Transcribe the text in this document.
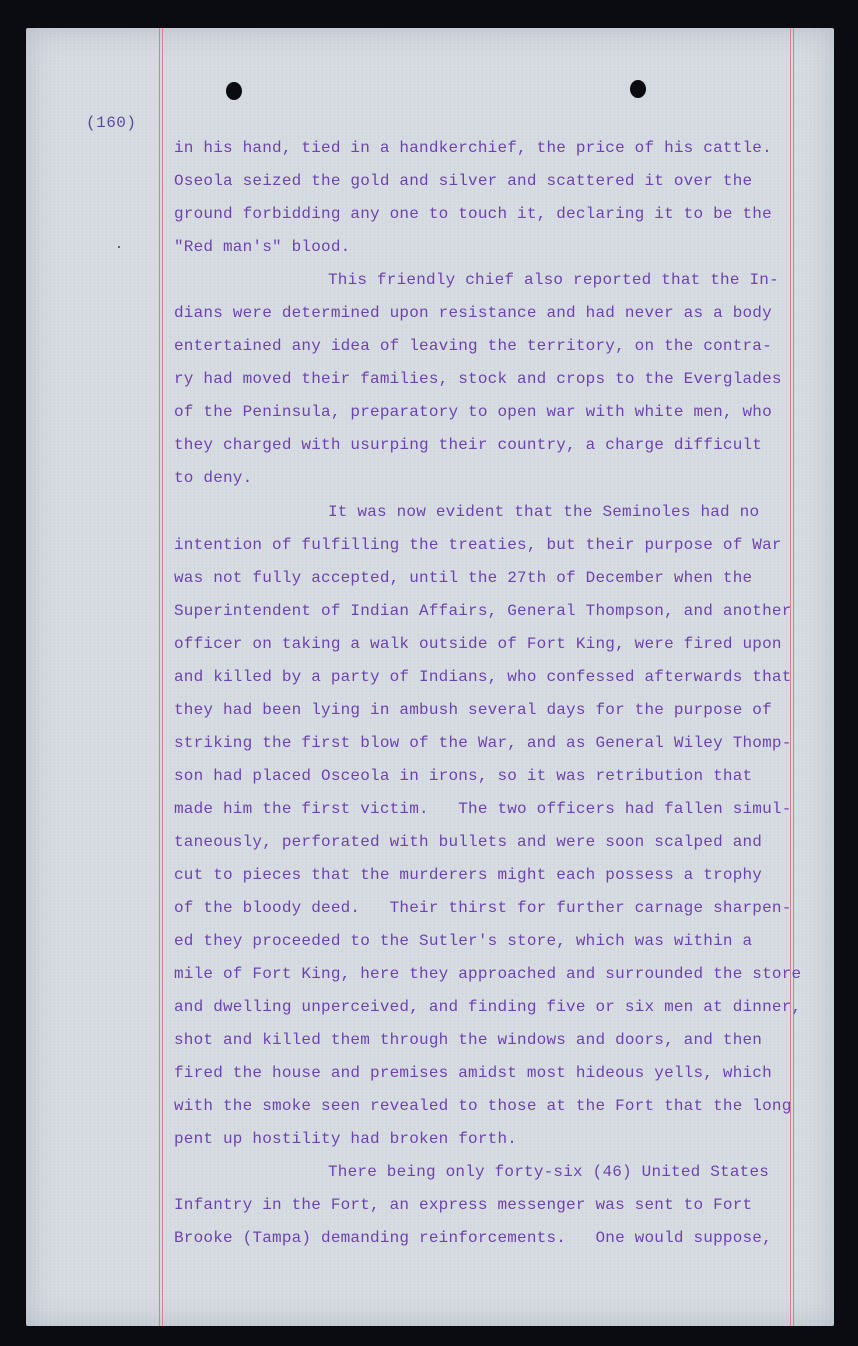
(160)

in his hand, tied in a handkerchief, the price of his cattle.

Oseola seized the gold and silver and scattered it over the

ground forbidding any one to touch it, declaring it to be the

"Red man's" blood.

This friendly chief also reported that the In-

dians were determined upon resistance and had never as a body

entertained any idea of leaving the territory, on the contra-

ry had moved their families, stock and crops to the Everglades

of the Peninsula, preparatory to open war with white men, who

they charged with usurping their country, a charge difficult

to deny.

It was now evident that the Seminoles had no

intention of fulfilling the treaties, but their purpose of War

was not fully accepted, until the 27th of December when the

Superintendent of Indian Affairs, General Thompson, and another

officer on taking a walk outside of Fort King, were fired upon

and killed by a party of Indians, who confessed afterwards that

they had been lying in ambush several days for the purpose of

striking the first blow of the War, and as General Wiley Thomp-

son had placed Osceola in irons, so it was retribution that

made him the first victim.   The two officers had fallen simul-

taneously, perforated with bullets and were soon scalped and

cut to pieces that the murderers might each possess a trophy

of the bloody deed.   Their thirst for further carnage sharpen-

ed they proceeded to the Sutler's store, which was within a

mile of Fort King, here they approached and surrounded the store

and dwelling unperceived, and finding five or six men at dinner,

shot and killed them through the windows and doors, and then

fired the house and premises amidst most hideous yells, which

with the smoke seen revealed to those at the Fort that the long

pent up hostility had broken forth.

There being only forty-six (46) United States

Infantry in the Fort, an express messenger was sent to Fort

Brooke (Tampa) demanding reinforcements.   One would suppose,
